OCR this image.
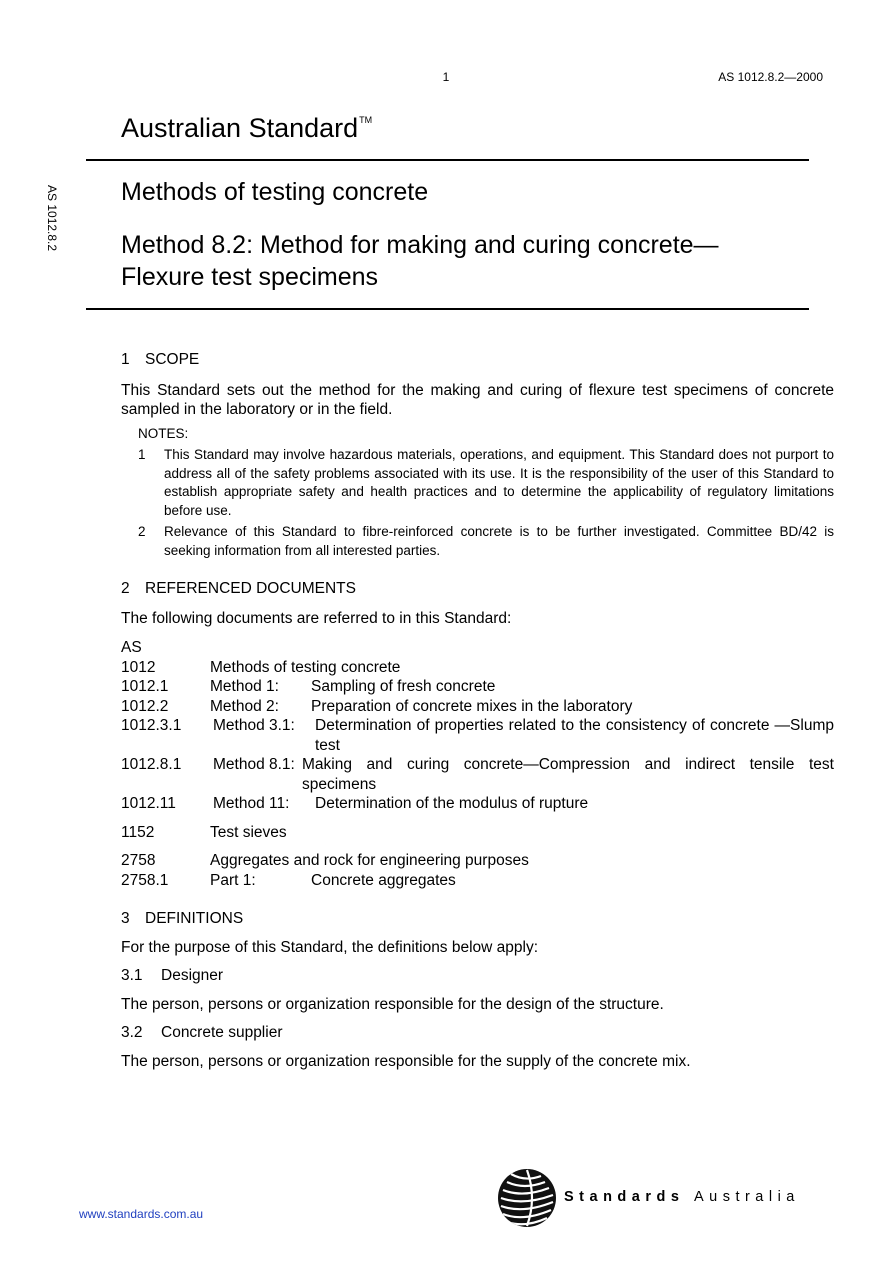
1	AS 1012.8.2—2000
AS 1012.8.2
Australian Standard™
Methods of testing concrete
Method 8.2: Method for making and curing concrete— Flexure test specimens

1 SCOPE

This Standard sets out the method for the making and curing of flexure test specimens of concrete sampled in the laboratory or in the field.

NOTES:
1	This Standard may involve hazardous materials, operations, and equipment. This Standard does not purport to address all of the safety problems associated with its use. It is the responsibility of the user of this Standard to establish appropriate safety and health practices and to determine the applicability of regulatory limitations before use.
2	Relevance of this Standard to fibre-reinforced concrete is to be further investigated. Committee BD/42 is seeking information from all interested parties.

2 REFERENCED DOCUMENTS

The following documents are referred to in this Standard:

AS

1012	Methods of testing concrete
1012.1	Method 1:	Sampling of fresh concrete
1012.2	Method 2:	Preparation of concrete mixes in the laboratory
1012.3.1	Method 3.1:	Determination of properties related to the consistency of concrete —Slump test
1012.8.1	Method 8.1: Making and curing concrete—Compression and indirect tensile test specimens
1012.11	Method 11:	Determination of the modulus of rupture
1152	Test sieves
2758	Aggregates and rock for engineering purposes
2758.1	Part 1:	Concrete aggregates

3 DEFINITIONS

For the purpose of this Standard, the definitions below apply:

3.1 Designer

The person, persons or organization responsible for the design of the structure.

3.2 Concrete supplier

The person, persons or organization responsible for the supply of the concrete mix.

www.standards.com.au
Standards Australia
